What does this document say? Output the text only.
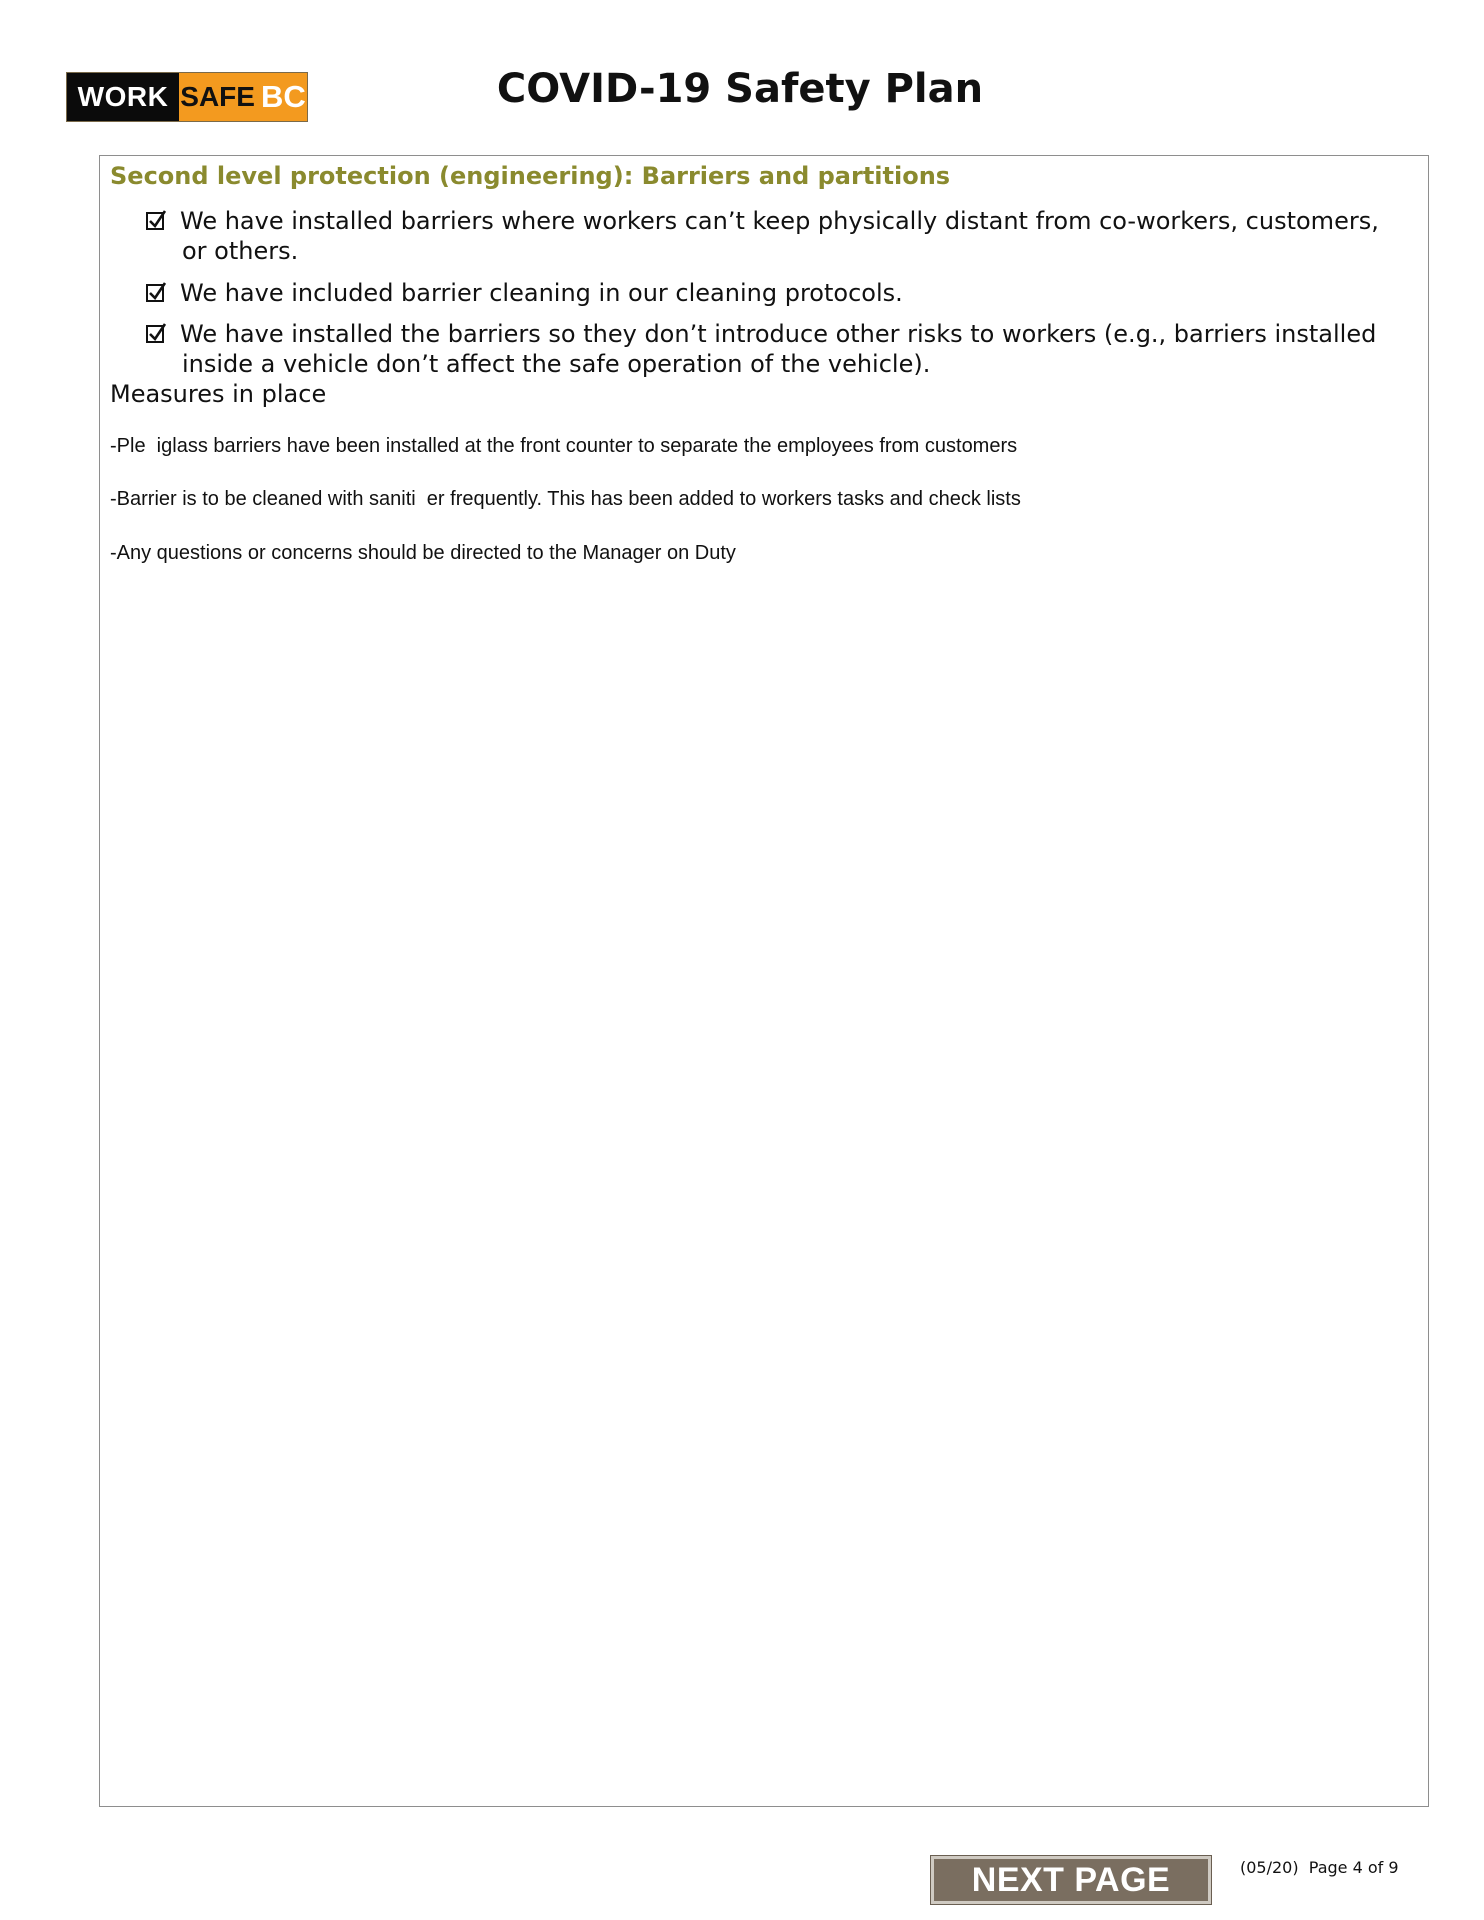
WORK SAFE BC	COVID-19 Safety Plan
Second level protection (engineering): Barriers and partitions
We have installed barriers where workers can’t keep physically distant from co-workers, customers,
or others.
We have included barrier cleaning in our cleaning protocols.
We have installed the barriers so they don’t introduce other risks to workers (e.g., barriers installed
inside a vehicle don’t affect the safe operation of the vehicle).
Measures in place
-Ple  iglass barriers have been installed at the front counter to separate the employees from customers
-Barrier is to be cleaned with saniti  er frequently. This has been added to workers tasks and check lists
-Any questions or concerns should be directed to the Manager on Duty
NEXT PAGE	(05/20) Page 4 of 9
